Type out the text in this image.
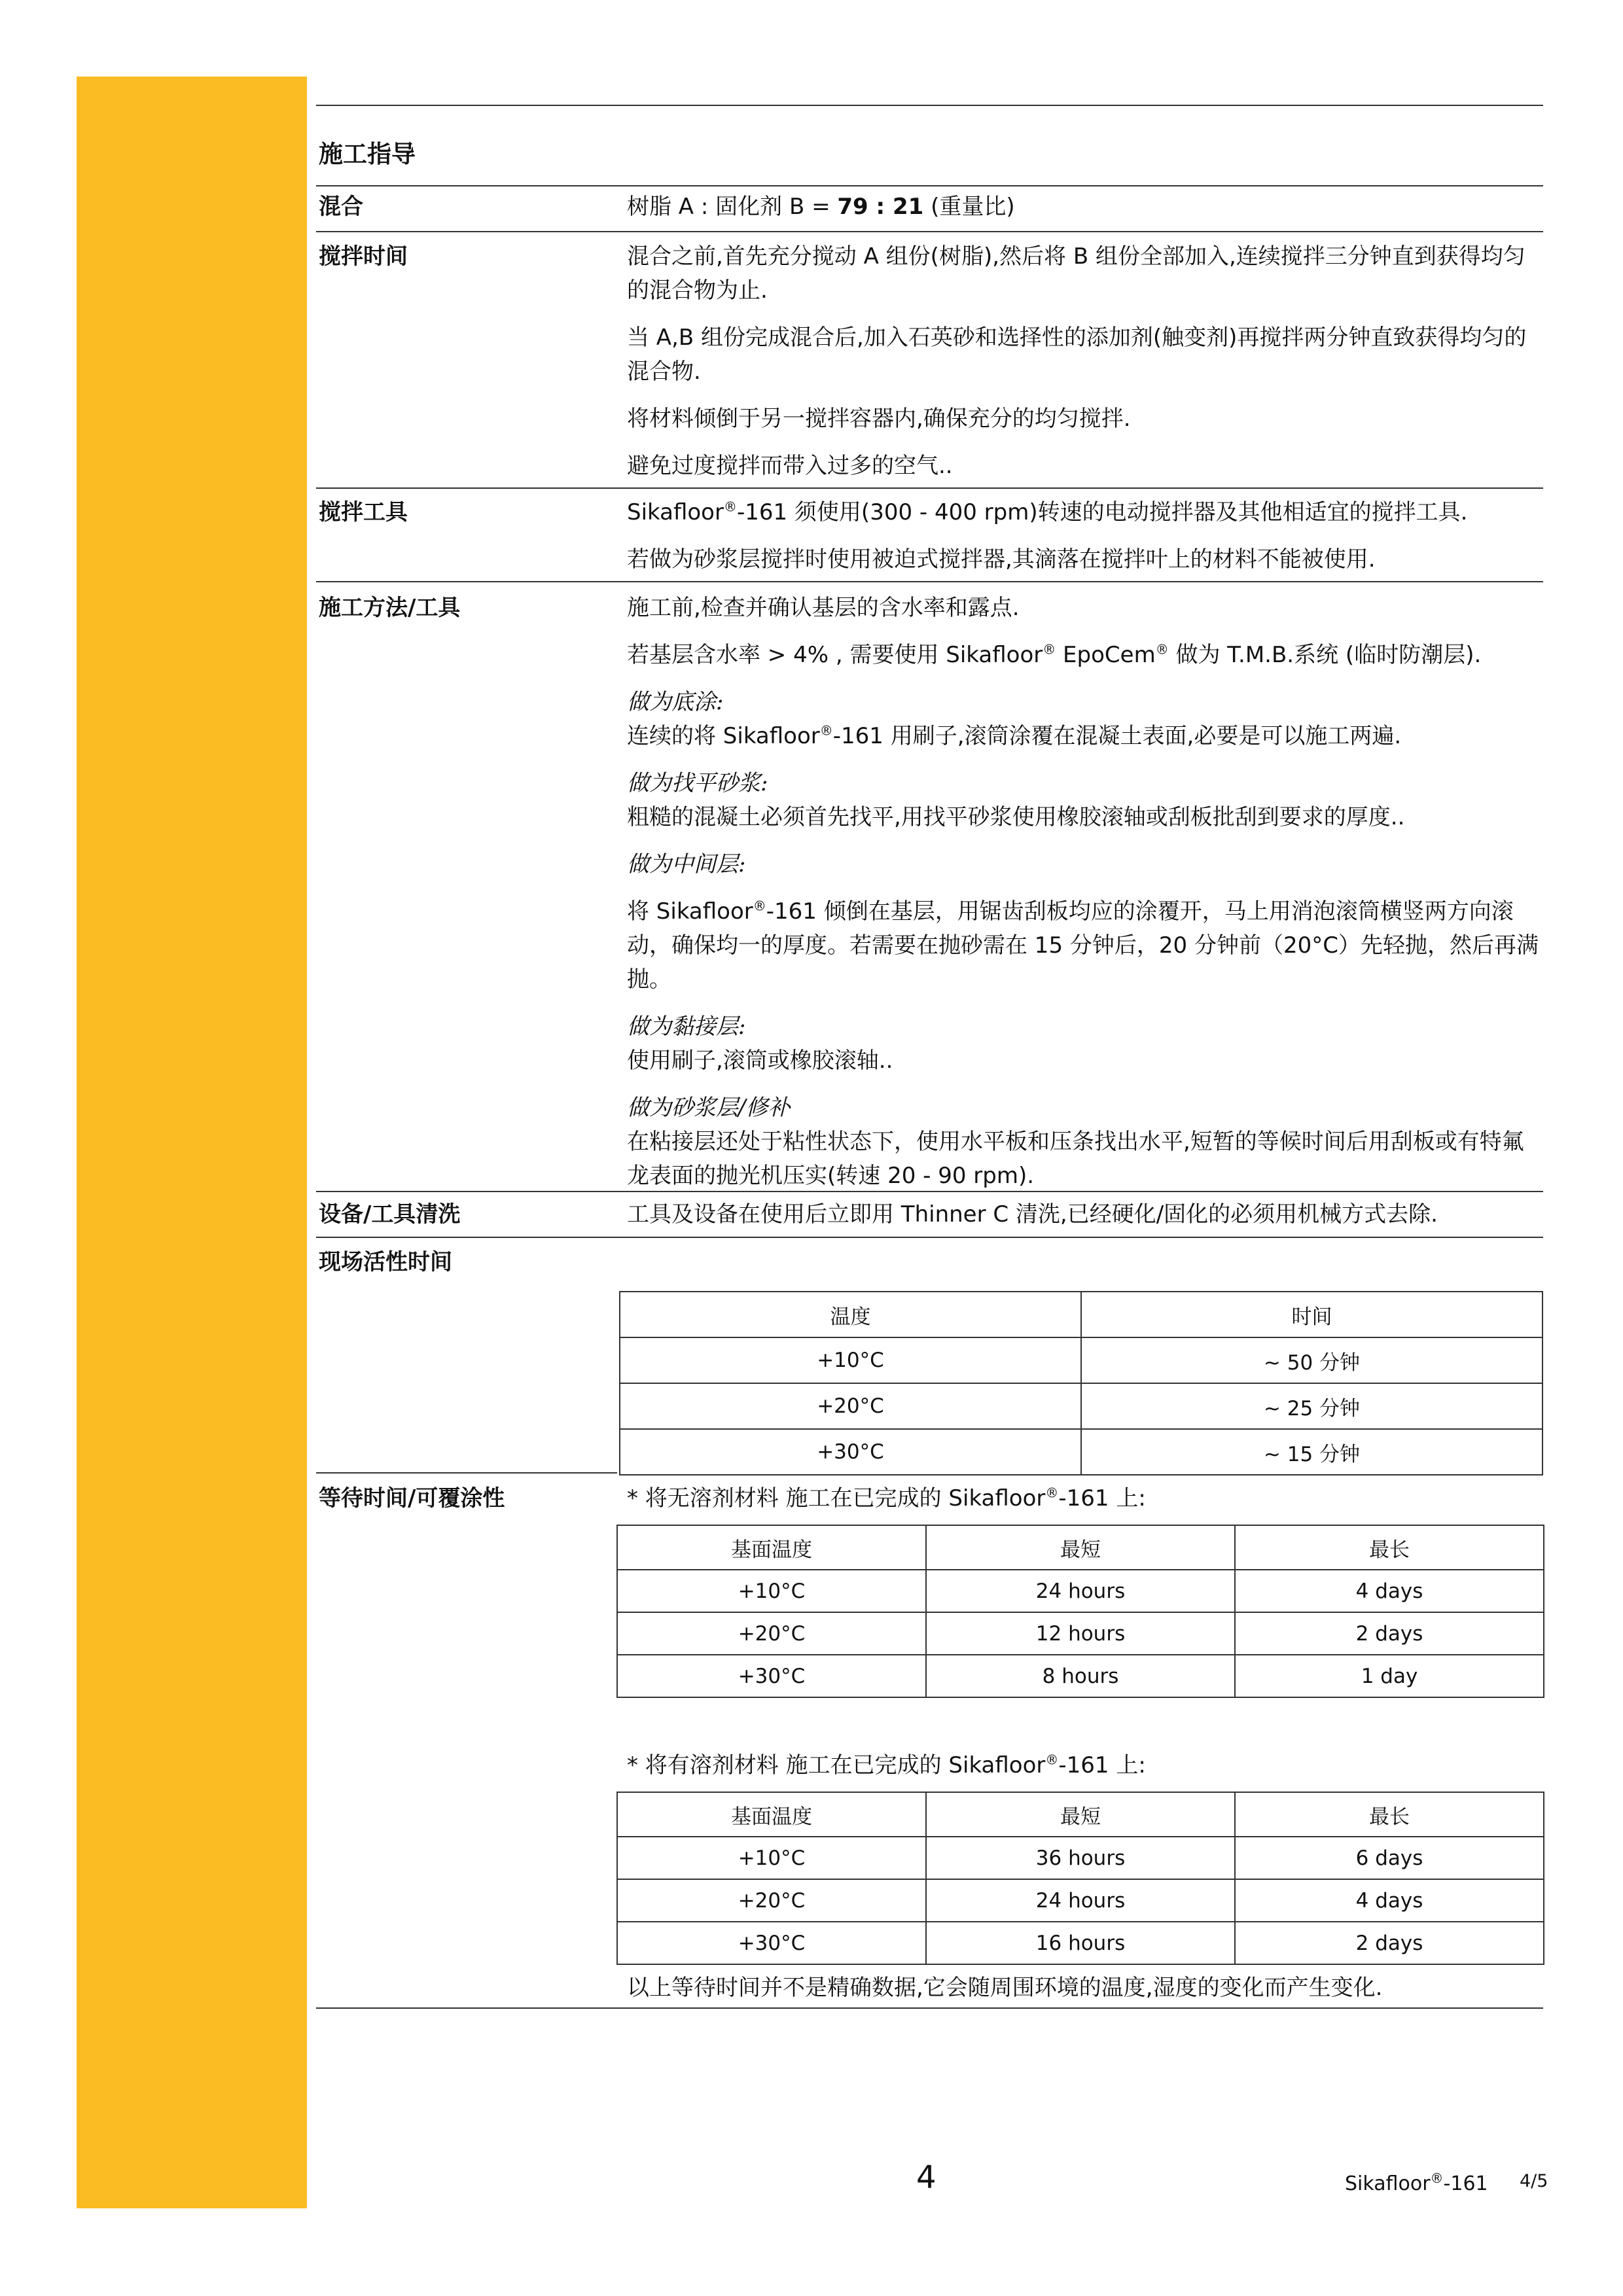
施工指导
混合	树脂 A : 固化剂 B = 79 : 21 (重量比)
搅拌时间	混合之前,首先充分搅动 A 组份(树脂),然后将 B 组份全部加入,连续搅拌三分钟直到获得均匀的混合物为止.

当 A,B 组份完成混合后,加入石英砂和选择性的添加剂(触变剂)再搅拌两分钟直致获得均匀的混合物.

将材料倾倒于另一搅拌容器内,确保充分的均匀搅拌.

避免过度搅拌而带入过多的空气..

搅拌工具	Sikafloor®-161 须使用(300 - 400 rpm)转速的电动搅拌器及其他相适宜的搅拌工具.

若做为砂浆层搅拌时使用被迫式搅拌器,其滴落在搅拌叶上的材料不能被使用.

施工方法/工具	施工前,检查并确认基层的含水率和露点.

若基层含水率 > 4% , 需要使用 Sikafloor® EpoCem® 做为 T.M.B.系统 (临时防潮层).

做为底涂:

连续的将 Sikafloor®-161 用刷子,滚筒涂覆在混凝土表面,必要是可以施工两遍.

做为找平砂浆:

粗糙的混凝土必须首先找平,用找平砂浆使用橡胶滚轴或刮板批刮到要求的厚度..

做为中间层:

将 Sikafloor®-161 倾倒在基层，用锯齿刮板均应的涂覆开，马上用消泡滚筒横竖两方向滚动，确保均一的厚度。若需要在抛砂需在 15 分钟后，20 分钟前（20°C）先轻抛，然后再满抛。

做为黏接层:

使用刷子,滚筒或橡胶滚轴..

做为砂浆层/修补

在粘接层还处于粘性状态下，使用水平板和压条找出水平,短暂的等候时间后用刮板或有特氟龙表面的抛光机压实(转速 20 - 90 rpm).

设备/工具清洗	工具及设备在使用后立即用 Thinner C 清洗,已经硬化/固化的必须用机械方式去除.
现场活性时间
温度	时间
+10°C	~ 50 分钟
+20°C	~ 25 分钟
+30°C	~ 15 分钟
等待时间/可覆涂性	* 将无溶剂材料 施工在已完成的 Sikafloor®-161 上:
基面温度	最短	最长
+10°C	24 hours	4 days
+20°C	12 hours	2 days
+30°C	8 hours	1 day
* 将有溶剂材料 施工在已完成的 Sikafloor®-161 上:
基面温度	最短	最长
+10°C	36 hours	6 days
+20°C	24 hours	4 days
+30°C	16 hours	2 days
以上等待时间并不是精确数据,它会随周围环境的温度,湿度的变化而产生变化.
4	Sikafloor®-161 4/5
